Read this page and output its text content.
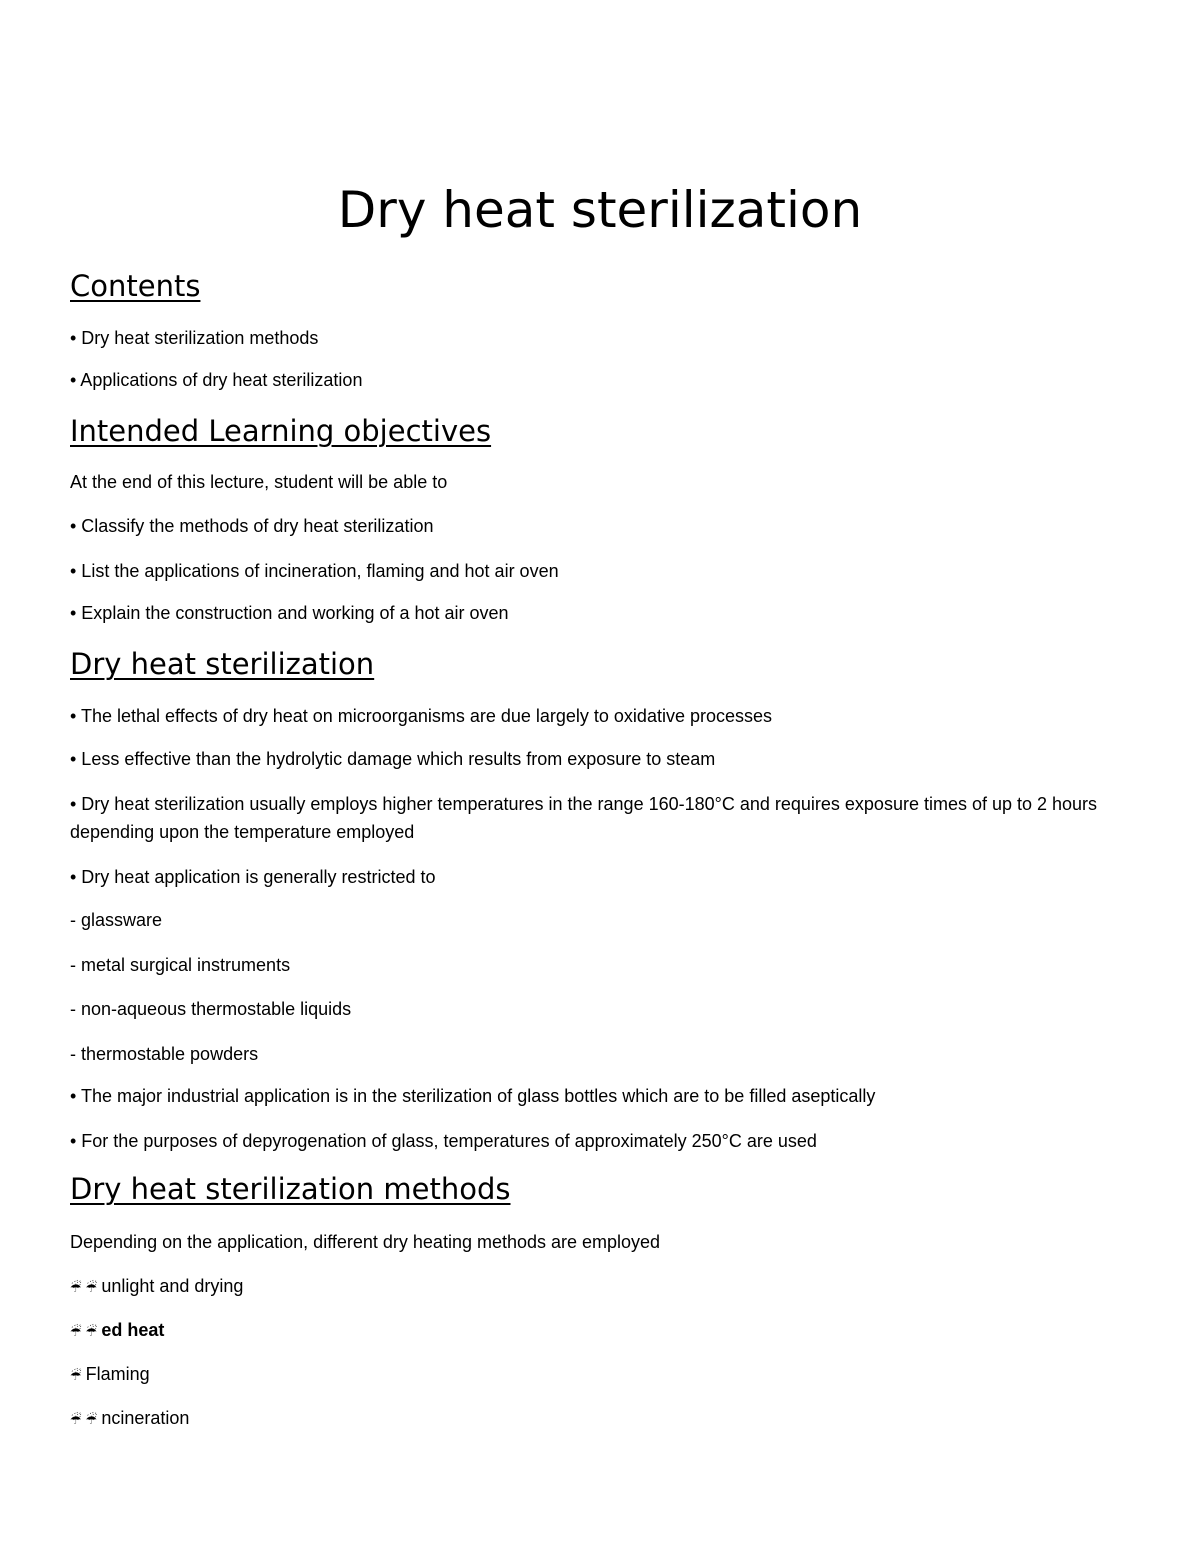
Dry heat sterilization
Contents

• Dry heat sterilization methods

• Applications of dry heat sterilization

Intended Learning objectives

At the end of this lecture, student will be able to

• Classify the methods of dry heat sterilization

• List the applications of incineration, flaming and hot air oven

• Explain the construction and working of a hot air oven

Dry heat sterilization

• The lethal effects of dry heat on microorganisms are due largely to oxidative processes

• Less effective than the hydrolytic damage which results from exposure to steam

• Dry heat sterilization usually employs higher temperatures in the range 160-180°C and requires exposure times of up to 2 hours depending upon the temperature employed

• Dry heat application is generally restricted to

- glassware

- metal surgical instruments

- non-aqueous thermostable liquids

- thermostable powders

• The major industrial application is in the sterilization of glass bottles which are to be filled aseptically

• For the purposes of depyrogenation of glass, temperatures of approximately 250°C are used

Dry heat sterilization methods

Depending on the application, different dry heating methods are employed

☔ ☔ unlight and drying

☔ ☔ ed heat

☔ Flaming

☔ ☔ ncineration
